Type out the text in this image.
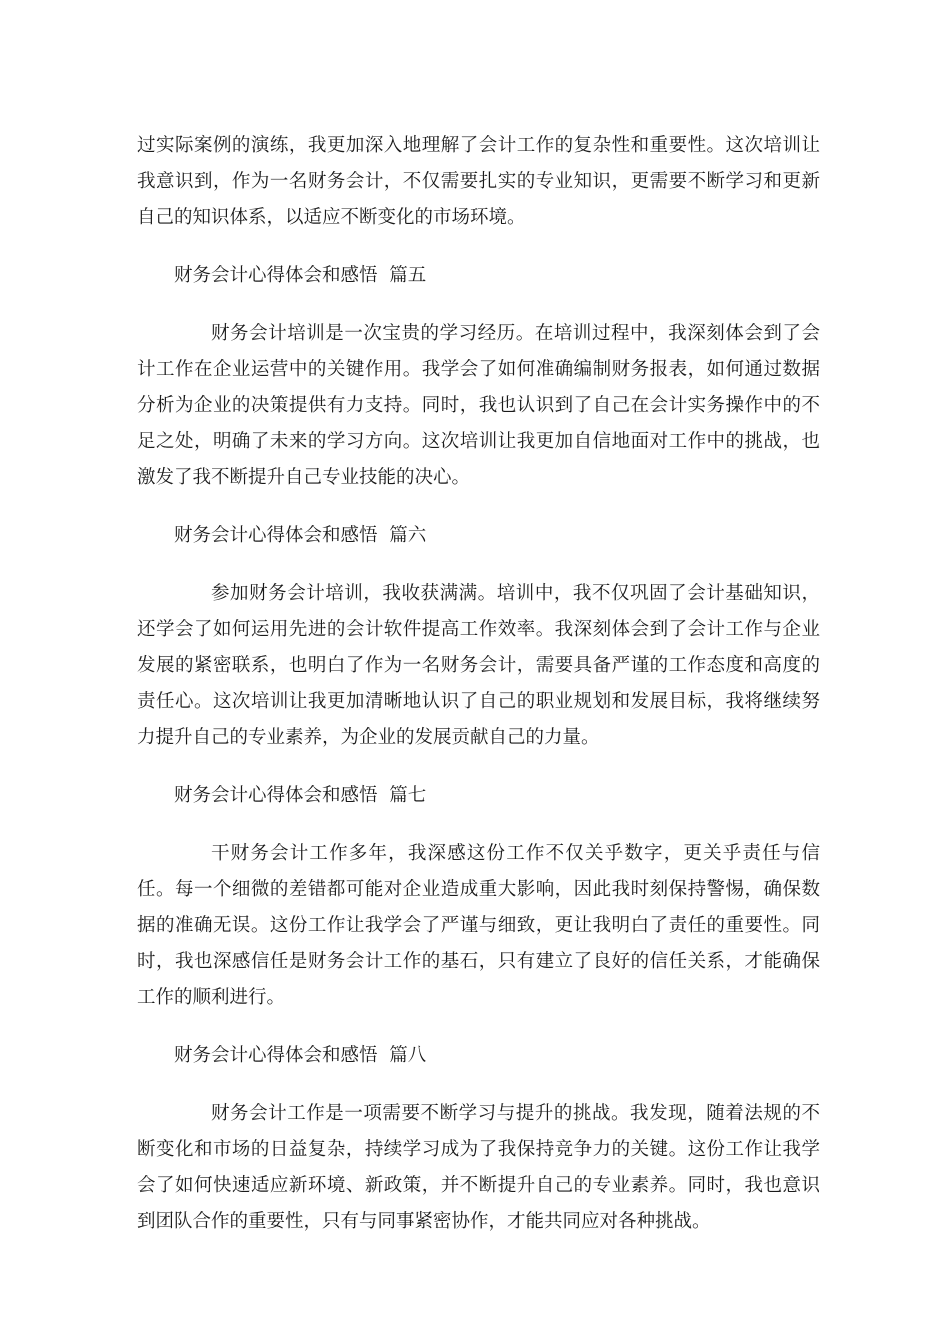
过实际案例的演练，我更加深入地理解了会计工作的复杂性和重要性。这次培训让我意识到，作为一名财务会计，不仅需要扎实的专业知识，更需要不断学习和更新自己的知识体系，以适应不断变化的市场环境。

财务会计心得体会和感悟  篇五

财务会计培训是一次宝贵的学习经历。在培训过程中，我深刻体会到了会计工作在企业运营中的关键作用。我学会了如何准确编制财务报表，如何通过数据分析为企业的决策提供有力支持。同时，我也认识到了自己在会计实务操作中的不足之处，明确了未来的学习方向。这次培训让我更加自信地面对工作中的挑战，也激发了我不断提升自己专业技能的决心。

财务会计心得体会和感悟  篇六

参加财务会计培训，我收获满满。培训中，我不仅巩固了会计基础知识，还学会了如何运用先进的会计软件提高工作效率。我深刻体会到了会计工作与企业发展的紧密联系，也明白了作为一名财务会计，需要具备严谨的工作态度和高度的责任心。这次培训让我更加清晰地认识了自己的职业规划和发展目标，我将继续努力提升自己的专业素养，为企业的发展贡献自己的力量。

财务会计心得体会和感悟  篇七

干财务会计工作多年，我深感这份工作不仅关乎数字，更关乎责任与信任。每一个细微的差错都可能对企业造成重大影响，因此我时刻保持警惕，确保数据的准确无误。这份工作让我学会了严谨与细致，更让我明白了责任的重要性。同时，我也深感信任是财务会计工作的基石，只有建立了良好的信任关系，才能确保工作的顺利进行。

财务会计心得体会和感悟  篇八

财务会计工作是一项需要不断学习与提升的挑战。我发现，随着法规的不断变化和市场的日益复杂，持续学习成为了我保持竞争力的关键。这份工作让我学会了如何快速适应新环境、新政策，并不断提升自己的专业素养。同时，我也意识到团队合作的重要性，只有与同事紧密协作，才能共同应对各种挑战。
